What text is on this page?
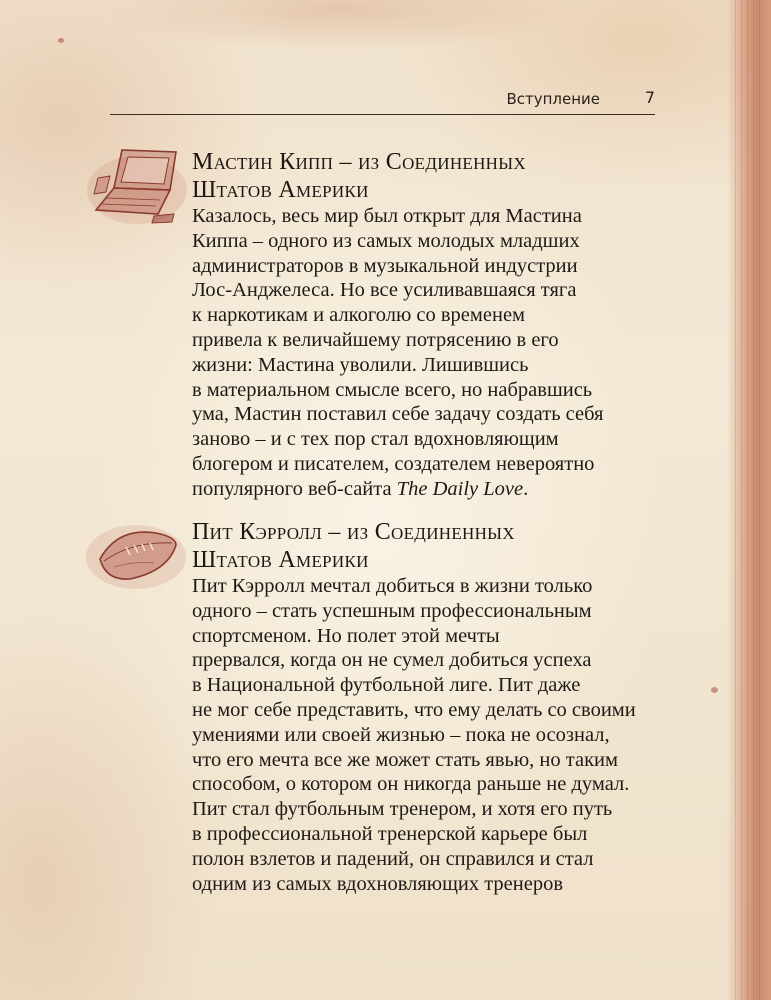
Вступление	7
Мастин Кипп – из Соединенных
Штатов Америки
Казалось, весь мир был открыт для Мастина
Киппа – одного из самых молодых младших
администраторов в музыкальной индустрии
Лос-Анджелеса. Но все усиливавшаяся тяга
к наркотикам и алкоголю со временем
привела к величайшему потрясению в его
жизни: Мастина уволили. Лишившись
в материальном смысле всего, но набравшись
ума, Мастин поставил себе задачу создать себя
заново – и с тех пор стал вдохновляющим
блогером и писателем, создателем невероятно
популярного веб-сайта The Daily Love.
Пит Кэрролл – из Соединенных
Штатов Америки
Пит Кэрролл мечтал добиться в жизни только
одного – стать успешным профессиональным
спортсменом. Но полет этой мечты
прервался, когда он не сумел добиться успеха
в Национальной футбольной лиге. Пит даже
не мог себе представить, что ему делать со своими
умениями или своей жизнью – пока не осознал,
что его мечта все же может стать явью, но таким
способом, о котором он никогда раньше не думал.
Пит стал футбольным тренером, и хотя его путь
в профессиональной тренерской карьере был
полон взлетов и падений, он справился и стал
одним из самых вдохновляющих тренеров
